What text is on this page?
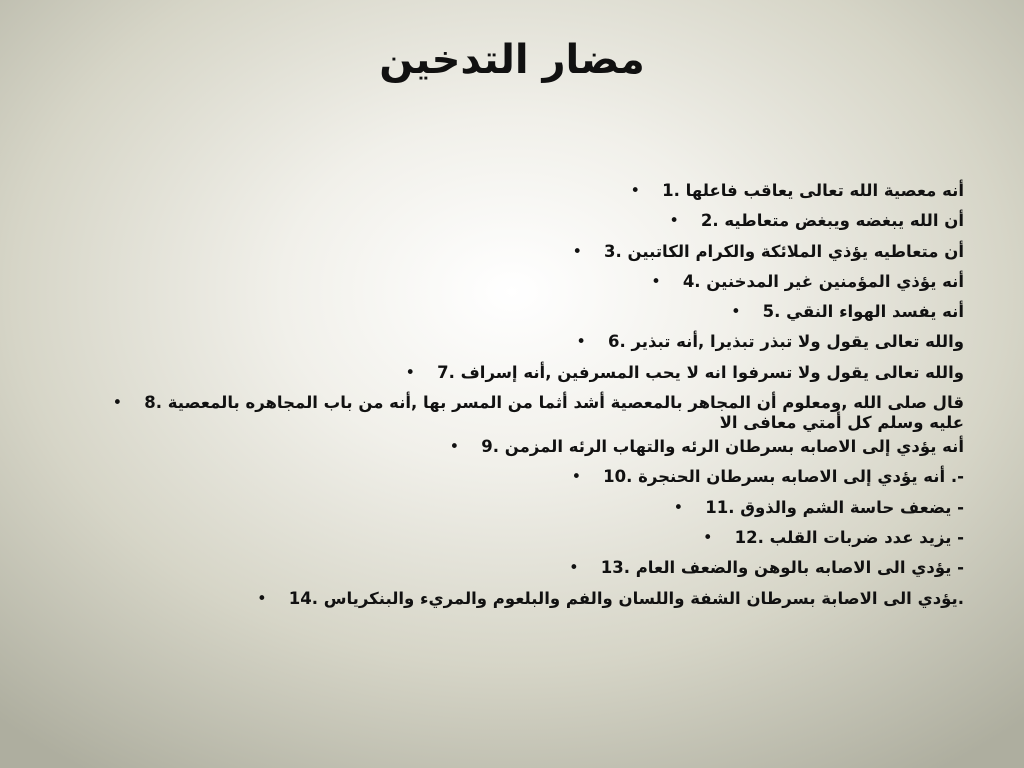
مضار التدخين
أنه معصية الله تعالى يعاقب فاعلها .1•
أن الله يبغضه ويبغض متعاطيه .2•
أن متعاطيه يؤذي الملائكة والكرام الكاتبين .3•
أنه يؤذي المؤمنين غير المدخنين .4•
أنه يفسد الهواء النقي .5•
والله تعالى يقول ولا تبذر تبذيرا ,أنه تبذير .6•
والله تعالى يقول ولا تسرفوا انه لا يحب المسرفين ,أنه إسراف .7•
قال صلى الله ,ومعلوم أن المجاهر بالمعصية أشد أثما من المسر بها ,أنه من باب المجاهره بالمعصية .8•
عليه وسلم كل أمتي معافى الا
أنه يؤدي إلى الاصابه بسرطان الرئه والتهاب الرئه المزمن .9•
-. أنه يؤدي إلى الاصابه بسرطان الحنجرة .10•
- يضعف حاسة الشم والذوق .11•
- يزيد عدد ضربات القلب .12•
- يؤدي الى الاصابه بالوهن والضعف العام .13•
.يؤدي الى الاصابة بسرطان الشفة واللسان والفم والبلعوم والمريء والبنكرياس .14•
